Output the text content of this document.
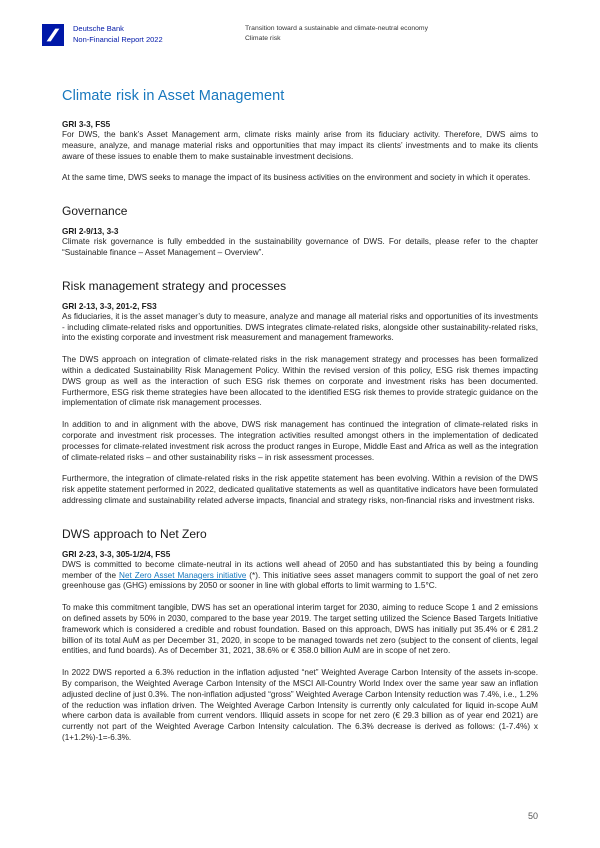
Deutsche Bank
Non-Financial Report 2022
Transition toward a sustainable and climate-neutral economy
Climate risk
Climate risk in Asset Management

GRI 3-3, FS5

For DWS, the bank’s Asset Management arm, climate risks mainly arise from its fiduciary activity. Therefore, DWS aims to measure, analyze, and manage material risks and opportunities that may impact its clients’ investments and to make its clients aware of these issues to enable them to make sustainable investment decisions.

At the same time, DWS seeks to manage the impact of its business activities on the environment and society in which it operates.

Governance

GRI 2-9/13, 3-3

Climate risk governance is fully embedded in the sustainability governance of DWS. For details, please refer to the chapter “Sustainable finance – Asset Management – Overview”.

Risk management strategy and processes

GRI 2-13, 3-3, 201-2, FS3

As fiduciaries, it is the asset manager’s duty to measure, analyze and manage all material risks and opportunities of its investments - including climate-related risks and opportunities. DWS integrates climate-related risks, alongside other sustainability-related risks, into the existing corporate and investment risk measurement and management frameworks.

The DWS approach on integration of climate-related risks in the risk management strategy and processes has been formalized within a dedicated Sustainability Risk Management Policy. Within the revised version of this policy, ESG risk themes impacting DWS group as well as the interaction of such ESG risk themes on corporate and investment risks has been documented. Furthermore, ESG risk theme strategies have been allocated to the identified ESG risk themes to provide strategic guidance on the implementation of climate risk management processes.

In addition to and in alignment with the above, DWS risk management has continued the integration of climate-related risks in corporate and investment risk processes. The integration activities resulted amongst others in the implementation of dedicated processes for climate-related investment risk across the product ranges in Europe, Middle East and Africa as well as the integration of climate-related risks – and other sustainability risks – in risk assessment processes.

Furthermore, the integration of climate-related risks in the risk appetite statement has been evolving. Within a revision of the DWS risk appetite statement performed in 2022, dedicated qualitative statements as well as quantitative indicators have been formulated addressing climate and sustainability related adverse impacts, financial and strategy risks, non-financial risks and investment risks.

DWS approach to Net Zero

GRI 2-23, 3-3, 305-1/2/4, FS5

DWS is committed to become climate-neutral in its actions well ahead of 2050 and has substantiated this by being a founding member of the Net Zero Asset Managers initiative (*). This initiative sees asset managers commit to support the goal of net zero greenhouse gas (GHG) emissions by 2050 or sooner in line with global efforts to limit warming to 1.5°C.

To make this commitment tangible, DWS has set an operational interim target for 2030, aiming to reduce Scope 1 and 2 emissions on defined assets by 50% in 2030, compared to the base year 2019. The target setting utilized the Science Based Targets Initiative framework which is considered a credible and robust foundation. Based on this approach, DWS has initially put 35.4% or € 281.2 billion of its total AuM as per December 31, 2020, in scope to be managed towards net zero (subject to the consent of clients, legal entities, and fund boards). As of December 31, 2021, 38.6% or € 358.0 billion AuM are in scope of net zero.

In 2022 DWS reported a 6.3% reduction in the inflation adjusted “net” Weighted Average Carbon Intensity of the assets in-scope. By comparison, the Weighted Average Carbon Intensity of the MSCI All-Country World Index over the same year saw an inflation adjusted decline of just 0.3%. The non-inflation adjusted “gross” Weighted Average Carbon Intensity reduction was 7.4%, i.e., 1.2% of the reduction was inflation driven. The Weighted Average Carbon Intensity is currently only calculated for liquid in-scope AuM where carbon data is available from current vendors. Illiquid assets in scope for net zero (€ 29.3 billion as of year end 2021) are currently not part of the Weighted Average Carbon Intensity calculation. The 6.3% decrease is derived as follows: (1-7.4%) x (1+1.2%)-1=-6.3%.

50
